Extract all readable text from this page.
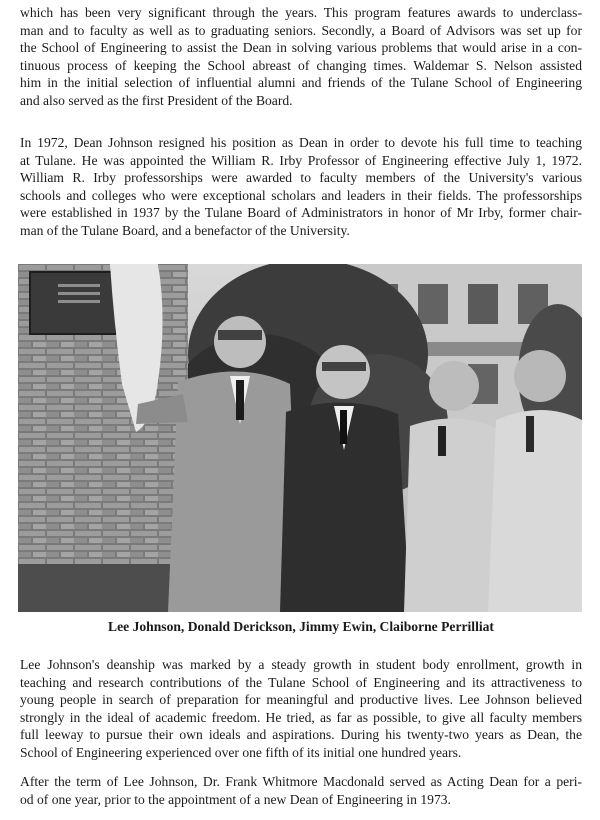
which has been very significant through the years. This program features awards to underclass-
man and to faculty as well as to graduating seniors. Secondly, a Board of Advisors was set up for
the School of Engineering to assist the Dean in solving various problems that would arise in a con-
tinuous process of keeping the School abreast of changing times. Waldemar S. Nelson assisted
him in the initial selection of influential alumni and friends of the Tulane School of Engineering
and also served as the first President of the Board.

In 1972, Dean Johnson resigned his position as Dean in order to devote his full time to teaching
at Tulane. He was appointed the William R. Irby Professor of Engineering effective July 1, 1972.
William R. Irby professorships were awarded to faculty members of the University's various
schools and colleges who were exceptional scholars and leaders in their fields. The professorships
were established in 1937 by the Tulane Board of Administrators in honor of Mr Irby, former chair-
man of the Tulane Board, and a benefactor of the University.

Lee Johnson, Donald Derickson, Jimmy Ewin, Claiborne Perrilliat

Lee Johnson's deanship was marked by a steady growth in student body enrollment, growth in
teaching and research contributions of the Tulane School of Engineering and its attractiveness to
young people in search of preparation for meaningful and productive lives. Lee Johnson believed
strongly in the ideal of academic freedom. He tried, as far as possible, to give all faculty members
full leeway to pursue their own ideals and aspirations. During his twenty-two years as Dean, the
School of Engineering experienced over one fifth of its initial one hundred years.

After the term of Lee Johnson, Dr. Frank Whitmore Macdonald served as Acting Dean for a peri-
od of one year, prior to the appointment of a new Dean of Engineering in 1973.
